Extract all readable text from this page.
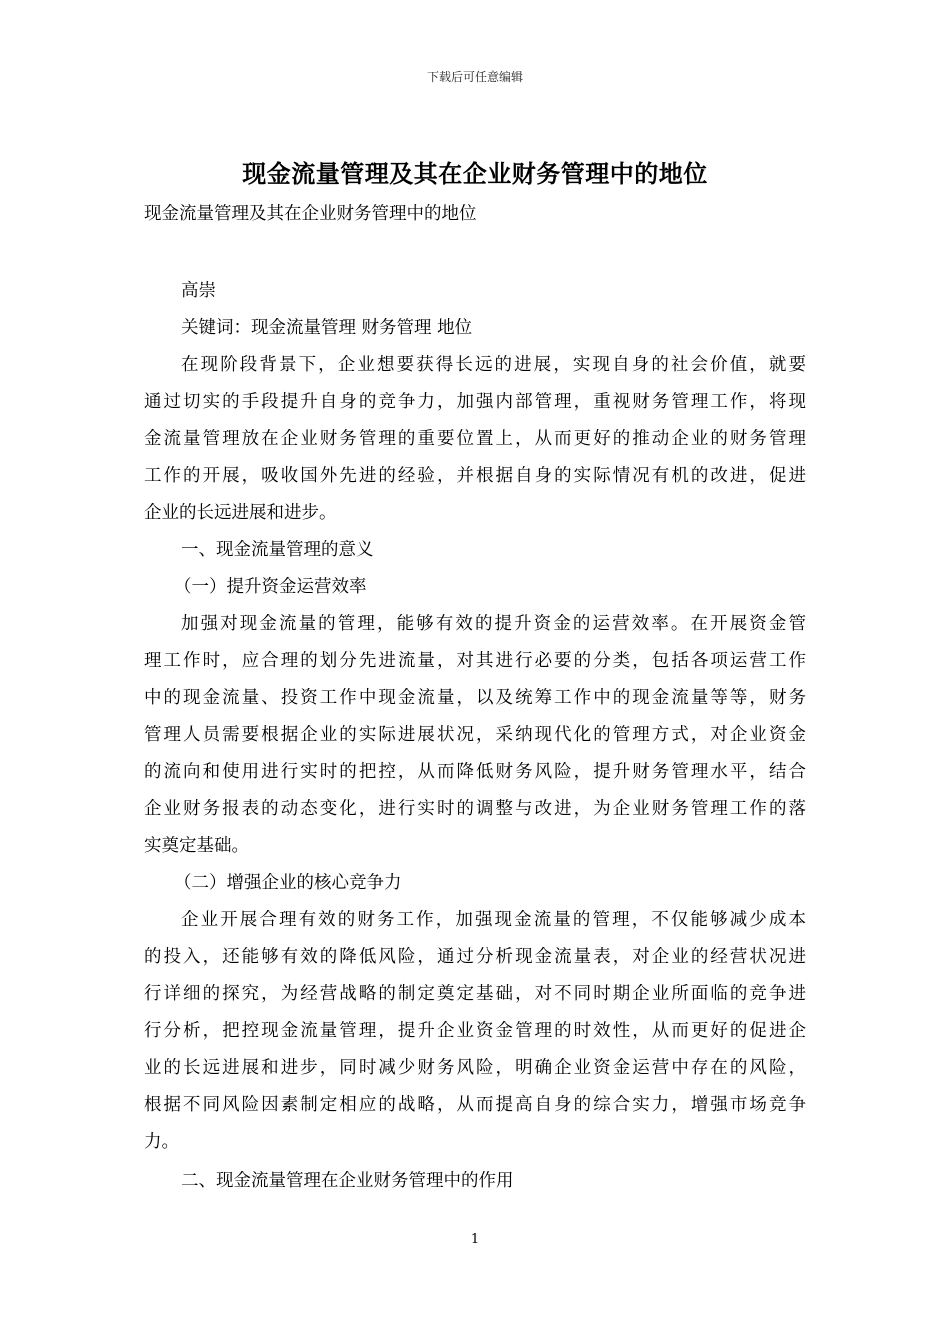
下载后可任意编辑
现金流量管理及其在企业财务管理中的地位
现金流量管理及其在企业财务管理中的地位
高崇
关键词：现金流量管理 财务管理 地位
在现阶段背景下，企业想要获得长远的进展，实现自身的社会价值，就要
通过切实的手段提升自身的竞争力，加强内部管理，重视财务管理工作，将现
金流量管理放在企业财务管理的重要位置上，从而更好的推动企业的财务管理
工作的开展，吸收国外先进的经验，并根据自身的实际情况有机的改进，促进
企业的长远进展和进步。
一、现金流量管理的意义
（一）提升资金运营效率
加强对现金流量的管理，能够有效的提升资金的运营效率。在开展资金管
理工作时，应合理的划分先进流量，对其进行必要的分类，包括各项运营工作
中的现金流量、投资工作中现金流量，以及统筹工作中的现金流量等等，财务
管理人员需要根据企业的实际进展状况，采纳现代化的管理方式，对企业资金
的流向和使用进行实时的把控，从而降低财务风险，提升财务管理水平，结合
企业财务报表的动态变化，进行实时的调整与改进，为企业财务管理工作的落
实奠定基础。
（二）增强企业的核心竞争力
企业开展合理有效的财务工作，加强现金流量的管理，不仅能够减少成本
的投入，还能够有效的降低风险，通过分析现金流量表，对企业的经营状况进
行详细的探究，为经营战略的制定奠定基础，对不同时期企业所面临的竞争进
行分析，把控现金流量管理，提升企业资金管理的时效性，从而更好的促进企
业的长远进展和进步，同时减少财务风险，明确企业资金运营中存在的风险，
根据不同风险因素制定相应的战略，从而提高自身的综合实力，增强市场竞争
力。
二、现金流量管理在企业财务管理中的作用
1
